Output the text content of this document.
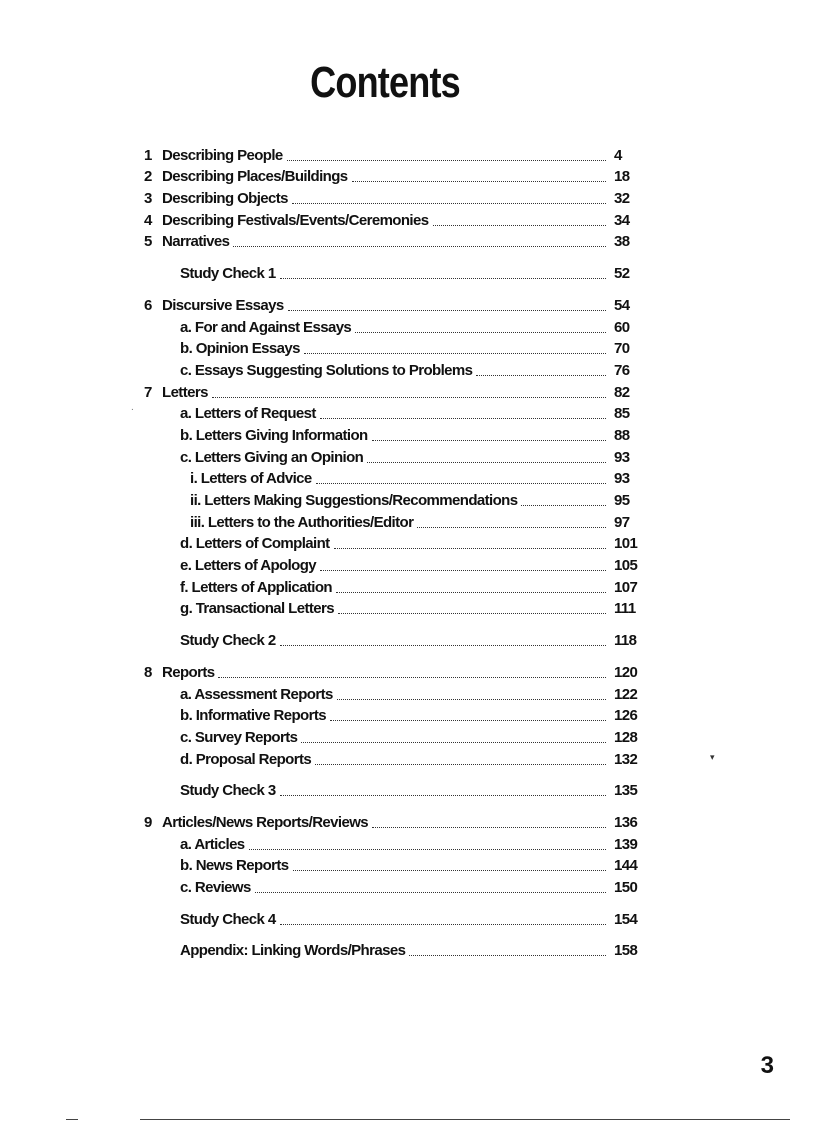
Contents
1 Describing People	4
2 Describing Places/Buildings	18
3 Describing Objects	32
4 Describing Festivals/Events/Ceremonies	34
5 Narratives	38
Study Check 1	52
6 Discursive Essays	54
a. For and Against Essays	60
b. Opinion Essays	70
c. Essays Suggesting Solutions to Problems	76
7 Letters	82
a. Letters of Request	85
b. Letters Giving Information	88
c. Letters Giving an Opinion	93
i. Letters of Advice	93
ii. Letters Making Suggestions/Recommendations	95
iii. Letters to the Authorities/Editor	97
d. Letters of Complaint	101
e. Letters of Apology	105
f. Letters of Application	107
g. Transactional Letters	111
Study Check 2	118
8 Reports	120
a. Assessment Reports	122
b. Informative Reports	126
c. Survey Reports	128
d. Proposal Reports	132
Study Check 3	135
9 Articles/News Reports/Reviews	136
a. Articles	139
b. News Reports	144
c. Reviews	150
Study Check 4	154
Appendix: Linking Words/Phrases	158
.
▾
3
